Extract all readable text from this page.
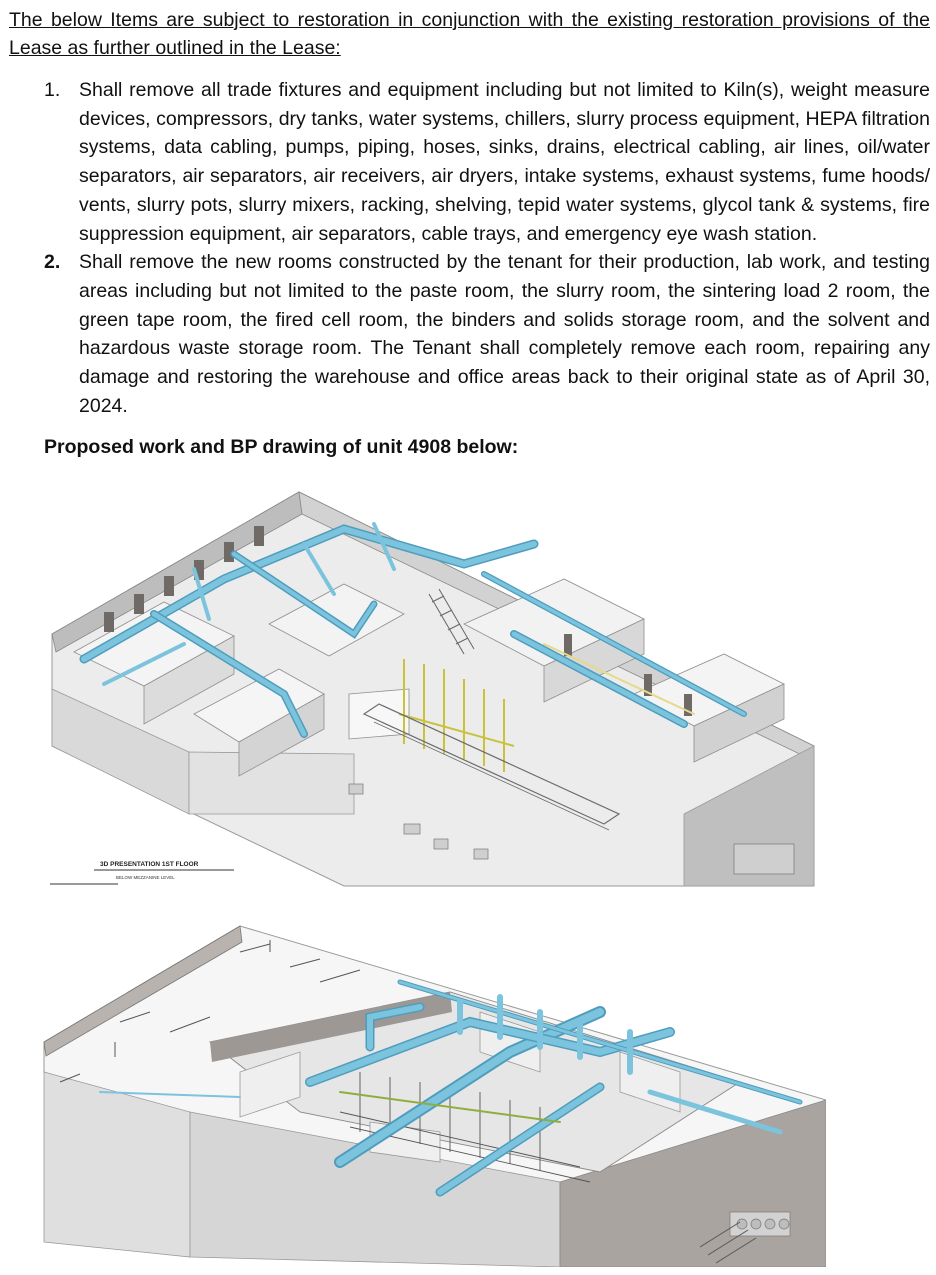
The below Items are subject to restoration in conjunction with the existing restoration provisions of the Lease as further outlined in the Lease:

1. Shall remove all trade fixtures and equipment including but not limited to Kiln(s), weight measure devices, compressors, dry tanks, water systems, chillers, slurry process equipment, HEPA filtration systems, data cabling, pumps, piping, hoses, sinks, drains, electrical cabling, air lines, oil/water separators, air separators, air receivers, air dryers, intake systems, exhaust systems, fume hoods/ vents, slurry pots, slurry mixers, racking, shelving, tepid water systems, glycol tank & systems, fire suppression equipment, air separators, cable trays, and emergency eye wash station.
2. Shall remove the new rooms constructed by the tenant for their production, lab work, and testing areas including but not limited to the paste room, the slurry room, the sintering load 2 room, the green tape room, the fired cell room, the binders and solids storage room, and the solvent and hazardous waste storage room. The Tenant shall completely remove each room, repairing any damage and restoring the warehouse and office areas back to their original state as of April 30, 2024.

Proposed work and BP drawing of unit 4908 below:

3D PRESENTATION 1ST FLOOR
BELOW MEZZANINE LEVEL
